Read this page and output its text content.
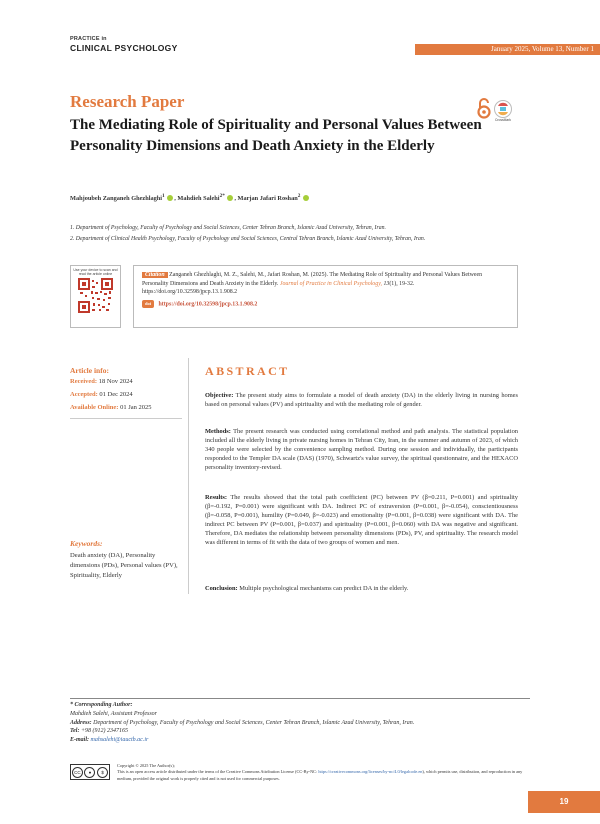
PRACTICE in
CLINICAL PSYCHOLOGY	January 2025, Volume 13, Number 1
Research Paper
The Mediating Role of Spirituality and Personal Values Between Personality Dimensions and Death Anxiety in the Elderly
CrossMark
Mahjoubeh Zanganeh Ghezhlaghi$^1$ , Mahdieh Salehi$^{2*}$ , Marjan Jafari Roshan$^2$
1. Department of Psychology, Faculty of Psychology and Social Sciences, Center Tehran Branch, Islamic Azad University, Tehran, Iran.
2. Department of Clinical Health Psychology, Faculty of Psychology and Social Sciences, Central Tehran Branch, Islamic Azad University, Tehran, Iran.
Use your device to scan and read the article online	Citation Zanganeh Ghezhlaghi, M. Z., Salehi, M., Jafari Roshan, M. (2025). The Mediating Role of Spirituality and Personal Values Between Personality Dimensions and Death Anxiety in the Elderly. Journal of Practice in Clinical Psychology, 13(1), 19-32. https://doi.org/10.32598/jpcp.13.1.908.2
doi https://doi.org/10.32598/jpcp.13.1.908.2
Article info:
Received: 18 Nov 2024
Accepted: 01 Dec 2024
Available Online: 01 Jan 2025
Keywords:
Death anxiety (DA), Personality dimensions (PDs), Personal values (PV), Spirituality, Elderly
ABSTRACT
Objective: The present study aims to formulate a model of death anxiety (DA) in the elderly living in nursing homes based on personal values (PV) and spirituality and with the mediating role of gender.
Methods: The present research was conducted using correlational method and path analysis. The statistical population included all the elderly living in private nursing homes in Tehran City, Iran, in the summer and autumn of 2023, of which 340 people were selected by the convenience sampling method. During one session and individually, the participants responded to the Templer DA scale (DAS) (1970), Schwartz's value survey, the spiritual questionnaire, and the HEXACO personality inventory-revised.
Results: The results showed that the total path coefficient (PC) between PV (β=0.211, P=0.001) and spirituality (β=-0.192, P=0.001) were significant with DA. Indirect PC of extraversion (P=0.001, β=-0.054), conscientiousness (β=-0.058, P=0.001), humility (P=0.049, β=-0.023) and emotionality (P=0.001, β=0.038) were significant with DA. The indirect PC between PV (P=0.001, β=0.037) and spirituality (P=0.001, β=0.060) with DA was negative and significant. Therefore, DA mediates the relationship between personality dimensions (PDs), PV, and spirituality. The research model was different in terms of fit with the data of two groups of women and men.
Conclusion: Multiple psychological mechanisms can predict DA in the elderly.
* Corresponding Author:
Mahdieh Salehi, Assistant Professor
Address: Department of Psychology, Faculty of Psychology and Social Sciences, Center Tehran Branch, Islamic Azad University, Tehran, Iran.
Tel: +98 (912) 2347165
E-mail: mahsalehi@iauctb.ac.ir
CC	●	$
Copyright © 2025 The Author(s);
This is an open access article distributed under the terms of the Creative Commons Attribution License (CC-By-NC: https://creativecommons.org/licenses/by-nc/4.0/legalcode.en), which permits use, distribution, and reproduction in any medium, provided the original work is properly cited and is not used for commercial purposes.
19
